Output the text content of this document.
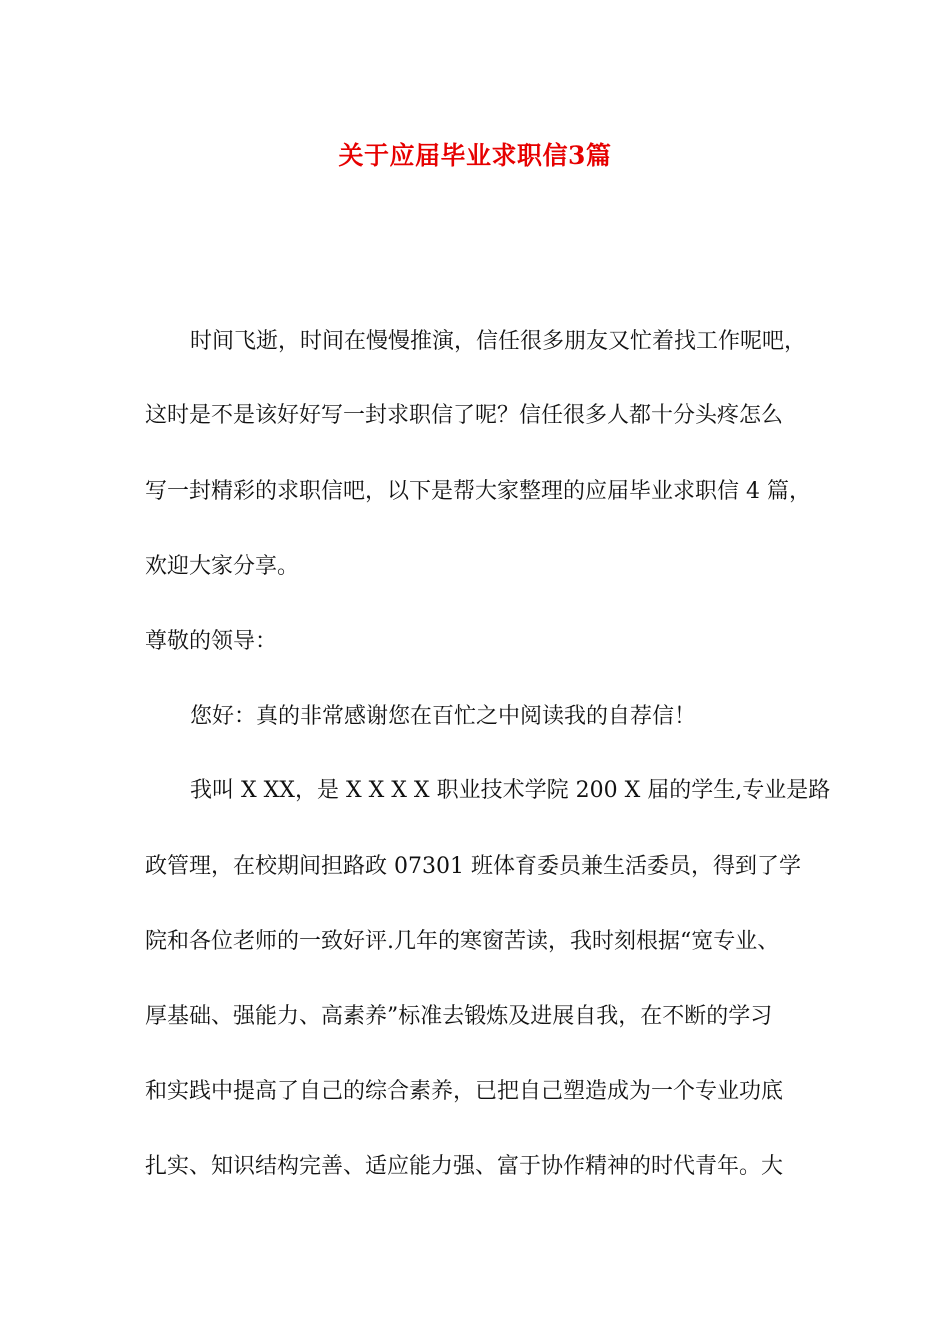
关于应届毕业求职信3篇
时间飞逝，时间在慢慢推演，信任很多朋友又忙着找工作呢吧，
这时是不是该好好写一封求职信了呢？信任很多人都十分头疼怎么
写一封精彩的求职信吧，以下是帮大家整理的应届毕业求职信 4 篇，
欢迎大家分享。
尊敬的领导：
您好：真的非常感谢您在百忙之中阅读我的自荐信！
我叫 X XX，是 X X X X 职业技术学院 200 X 届的学生,专业是路
政管理，在校期间担路政 07301 班体育委员兼生活委员，得到了学
院和各位老师的一致好评.几年的寒窗苦读，我时刻根据“宽专业、
厚基础、强能力、高素养”标准去锻炼及进展自我，在不断的学习
和实践中提高了自己的综合素养，已把自己塑造成为一个专业功底
扎实、知识结构完善、适应能力强、富于协作精神的时代青年。大
